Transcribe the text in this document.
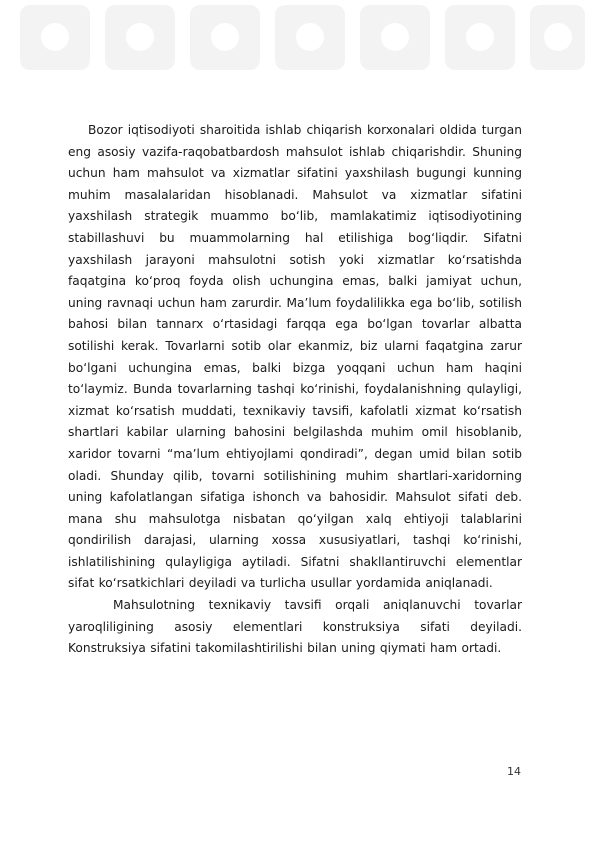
Bozor iqtisodiyoti sharoitida ishlab chiqarish korxonalari oldida turgan eng asosiy vazifa-raqobatbardosh mahsulot ishlab chiqarishdir. Shuning uchun ham mahsulot va xizmatlar sifatini yaxshilash bugungi kunning muhim masalalaridan hisoblanadi. Mahsulot va xizmatlar sifatini yaxshilash strategik muammo bo‘lib, mamlakatimiz iqtisodiyotining stabillashuvi bu muammolarning hal etilishiga bog‘liqdir. Sifatni yaxshilash jarayoni mahsulotni sotish yoki xizmatlar ko‘rsatishda faqatgina ko‘proq foyda olish uchungina emas, balki jamiyat uchun, uning ravnaqi uchun ham zarurdir. Ma’lum foydalilikka ega bo‘lib, sotilish bahosi bilan tannarx o‘rtasidagi farqqa ega bo‘lgan tovarlar albatta sotilishi kerak. Tovarlarni sotib olar ekanmiz, biz ularni faqatgina zarur bo‘lgani uchungina emas, balki bizga yoqqani uchun ham haqini to‘laymiz. Bunda tovarlarning tashqi ko‘rinishi, foydalanishning qulayligi, xizmat ko‘rsatish muddati, texnikaviy tavsifi, kafolatli xizmat ko‘rsatish shartlari kabilar ularning bahosini belgilashda muhim omil hisoblanib, xaridor tovarni “ma’lum ehtiyojlami qondiradi”, degan umid bilan sotib oladi. Shunday qilib, tovarni sotilishining muhim shartlari-xaridorning uning kafolatlangan sifatiga ishonch va bahosidir. Mahsulot sifati deb. mana shu mahsulotga nisbatan qo‘yilgan xalq ehtiyoji talablarini qondirilish darajasi, ularning xossa xususiyatlari, tashqi ko‘rinishi, ishlatilishining qulayligiga aytiladi. Sifatni shakllantiruvchi elementlar sifat ko‘rsatkichlari deyiladi va turlicha usullar yordamida aniqlanadi.

Mahsulotning texnikaviy tavsifi orqali aniqlanuvchi tovarlar yaroqliligining asosiy elementlari konstruksiya sifati deyiladi. Konstruksiya sifatini takomilashtirilishi bilan uning qiymati ham ortadi.

14
